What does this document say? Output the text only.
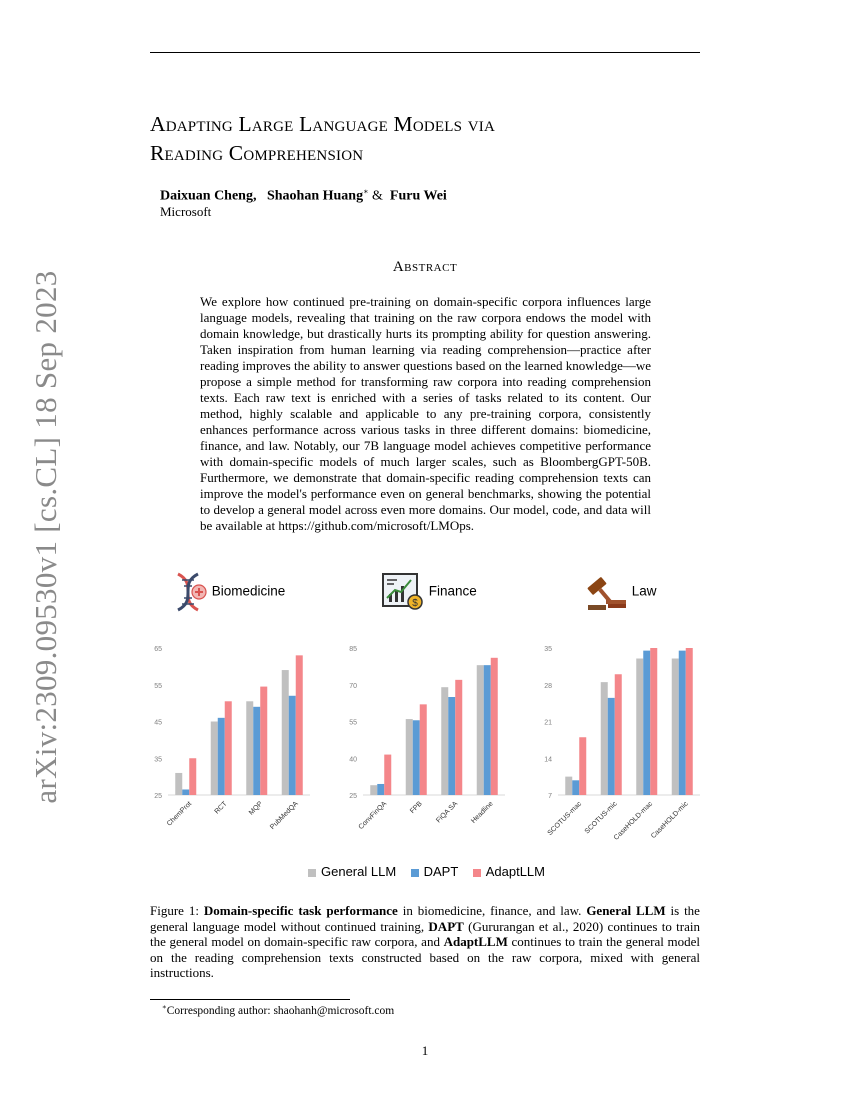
arXiv:2309.09530v1 [cs.CL] 18 Sep 2023
Adapting Large Language Models via
Reading Comprehension
Daixuan Cheng, Shaohan Huang∗ & Furu Wei
Microsoft
Abstract
We explore how continued pre-training on domain-specific corpora influences large language models, revealing that training on the raw corpora endows the model with domain knowledge, but drastically hurts its prompting ability for question answering. Taken inspiration from human learning via reading comprehension—practice after reading improves the ability to answer questions based on the learned knowledge—we propose a simple method for transforming raw corpora into reading comprehension texts. Each raw text is enriched with a series of tasks related to its content. Our method, highly scalable and applicable to any pre-training corpora, consistently enhances performance across various tasks in three different domains: biomedicine, finance, and law. Notably, our 7B language model achieves competitive performance with domain-specific models of much larger scales, such as BloombergGPT-50B. Furthermore, we demonstrate that domain-specific reading comprehension texts can improve the model's performance even on general benchmarks, showing the potential to develop a general model across even more domains. Our model, code, and data will be available at https://github.com/microsoft/LMOps.
Biomedicine
$
Finance	Law
25
35
45
55
65
ChemProt	RCT	MQP PubMedQA
25
40
55
70
85
ConvFinQA	FPB FiQA SA Headline
7
14
21
28
35
SCOTUS-mac SCOTUS-mic
CaseHOLD-mac
CaseHOLD-mic
General LLM DAPT AdaptLLM
Figure 1: Domain-specific task performance in biomedicine, finance, and law. General LLM is the general language model without continued training, DAPT (Gururangan et al., 2020) continues to train the general model on domain-specific raw corpora, and AdaptLLM continues to train the general model on the reading comprehension texts constructed based on the raw corpora, mixed with general instructions.
∗Corresponding author: shaohanh@microsoft.com
1
